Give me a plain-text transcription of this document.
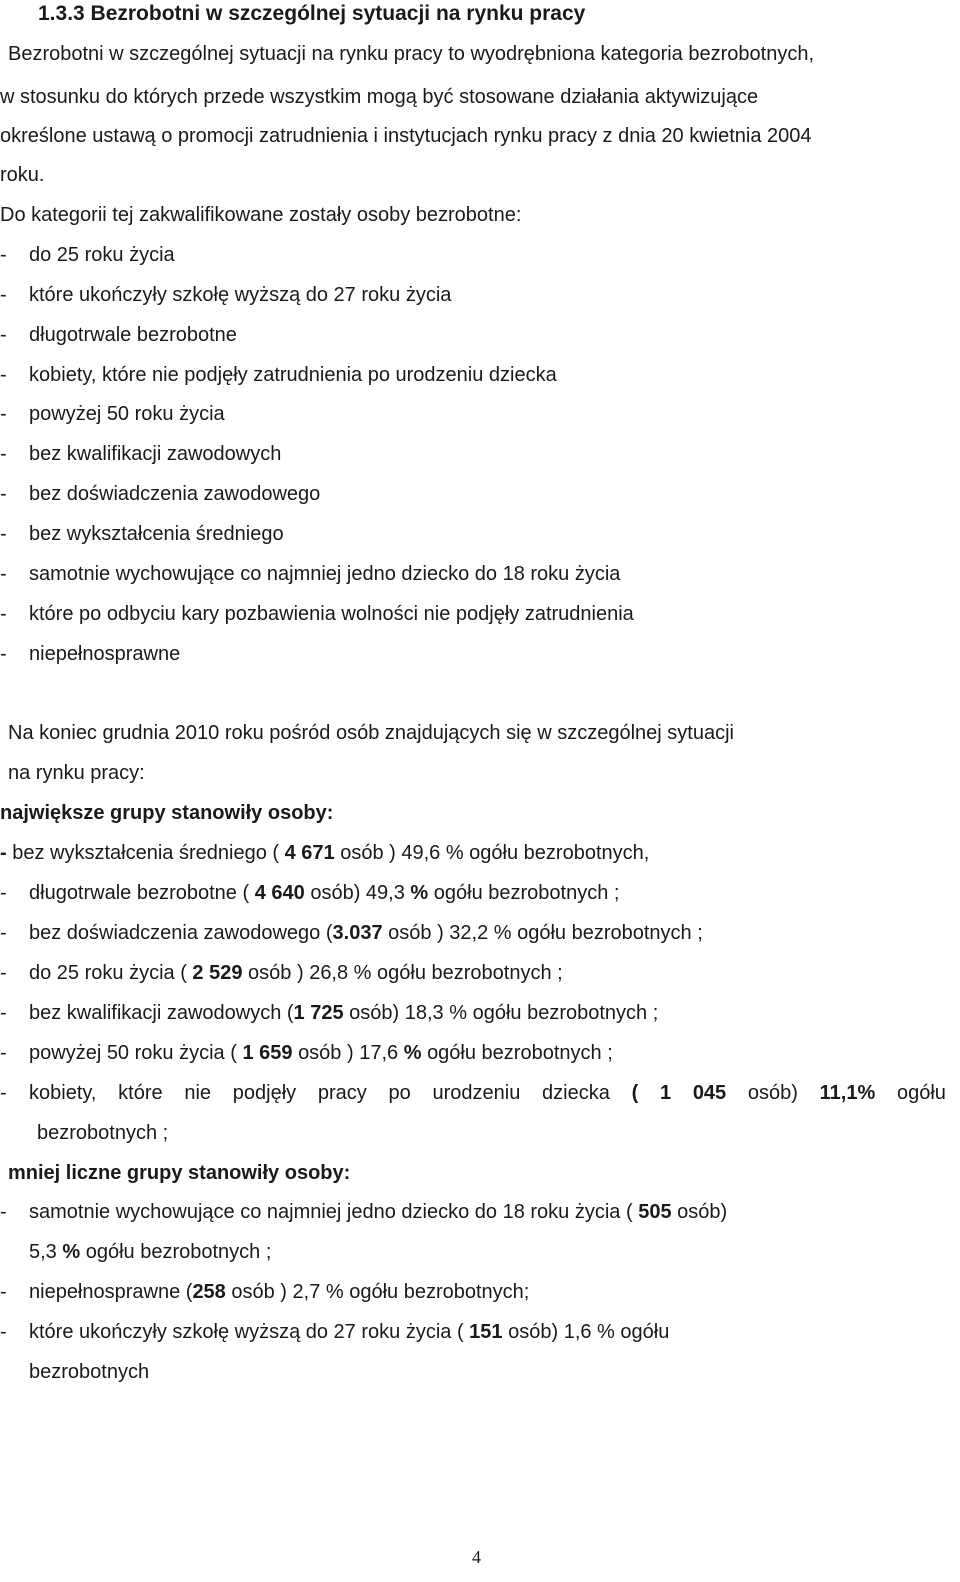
1.3.3 Bezrobotni w szczególnej sytuacji na rynku pracy
Bezrobotni w szczególnej sytuacji na rynku pracy to wyodrębniona kategoria bezrobotnych,
w stosunku do których przede wszystkim mogą być stosowane działania aktywizujące
określone ustawą o promocji zatrudnienia i instytucjach rynku pracy z dnia 20 kwietnia 2004
roku.
Do kategorii tej zakwalifikowane zostały osoby bezrobotne:
- do 25 roku życia
- które ukończyły szkołę wyższą do 27 roku życia
- długotrwale bezrobotne
- kobiety, które nie podjęły zatrudnienia po urodzeniu dziecka
- powyżej 50 roku życia
- bez kwalifikacji zawodowych
- bez doświadczenia zawodowego
- bez wykształcenia średniego
- samotnie wychowujące co najmniej jedno dziecko do 18 roku życia
- które po odbyciu kary pozbawienia wolności nie podjęły zatrudnienia
- niepełnosprawne
Na koniec grudnia 2010 roku pośród osób znajdujących się w szczególnej sytuacji
na rynku pracy:
największe grupy stanowiły osoby:
- bez wykształcenia średniego ( 4 671 osób ) 49,6 % ogółu bezrobotnych,
- długotrwale bezrobotne ( 4 640 osób) 49,3 % ogółu bezrobotnych ;
- bez doświadczenia zawodowego (3.037 osób ) 32,2 % ogółu bezrobotnych ;
- do 25 roku życia ( 2 529 osób ) 26,8 % ogółu bezrobotnych ;
- bez kwalifikacji zawodowych (1 725 osób) 18,3 % ogółu bezrobotnych ;
- powyżej 50 roku życia ( 1 659 osób ) 17,6 % ogółu bezrobotnych ;
- kobiety, które nie podjęły pracy po urodzeniu dziecka ( 1 045 osób) 11,1% ogółu
bezrobotnych ;
mniej liczne grupy stanowiły osoby:
- samotnie wychowujące co najmniej jedno dziecko do 18 roku życia ( 505 osób)
5,3 % ogółu bezrobotnych ;
- niepełnosprawne (258 osób ) 2,7 % ogółu bezrobotnych;
- które ukończyły szkołę wyższą do 27 roku życia ( 151 osób) 1,6 % ogółu
bezrobotnych
4
